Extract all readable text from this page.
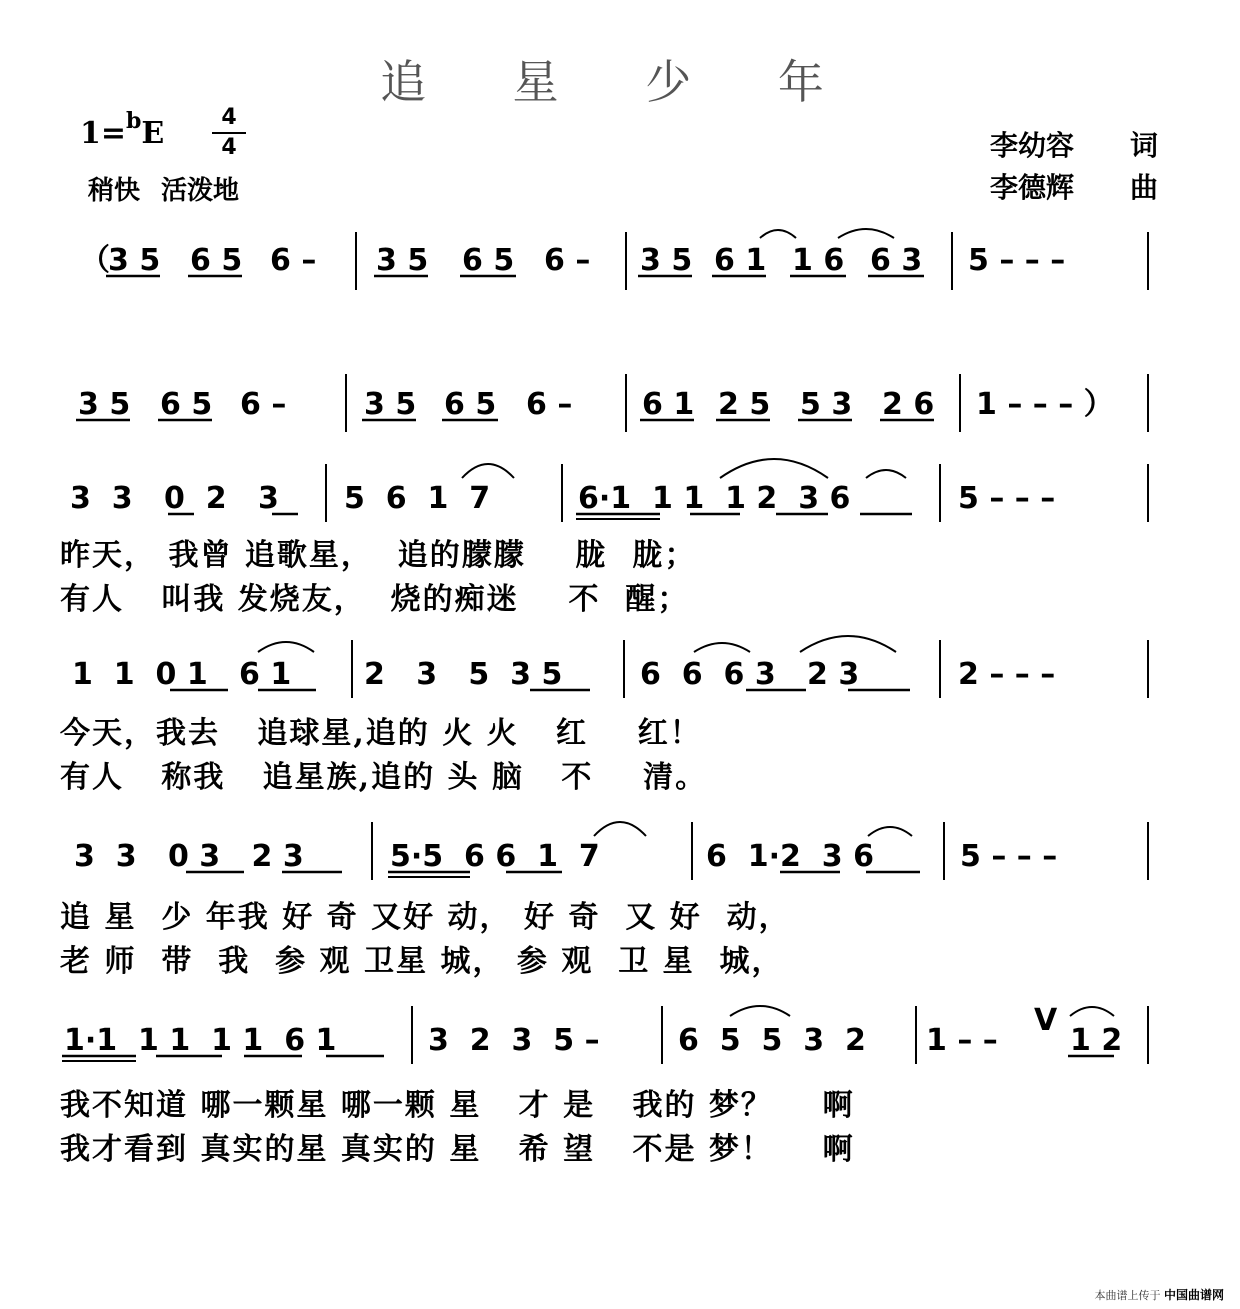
追 星 少 年
1=$^b$E	4
4
稍快 活泼地
李幼容 词
李德辉 曲
（
3 5 6 5 6 – 3 5 6 5 6 – 3 5 6 1 1 6 6 3 5 – – –
3 5 6 5 6 –	3 5 6 5 6 – 6 1 2 5 5 3 2 6 1 – – – ）
3  3   0  2   3 5  6  1  7	6·1  1 1  1 2  3 6	5 – – –
1  1  0 1   6 1 2   3   5  3 5	6  6  6 3   2 3	2 – – –
3  3   0 3   2 3	5·5  6 6  1  7	6  1·2  3 6	5 – – –
1·1  1 1  1 1  6 1	3  2  3  5 –	6  5  5  3  2 1 – –
V
1 2
昨天， 我曾 追歌星，  追的朦朦    胧  胧；
有人   叫我 发烧友，  烧的痴迷    不  醒；
今天，我去   追球星,追的 火 火   红    红！
有人   称我   追星族,追的 头 脑   不    清。
追 星  少 年我 好 奇 又好 动， 好 奇  又 好  动，
老 师  带  我  参 观 卫星 城， 参 观  卫 星  城，
我不知道 哪一颗星 哪一颗 星   才 是   我的 梦？    啊
我才看到 真实的星 真实的 星   希 望   不是 梦！    啊
本曲谱上传于 中国曲谱网
